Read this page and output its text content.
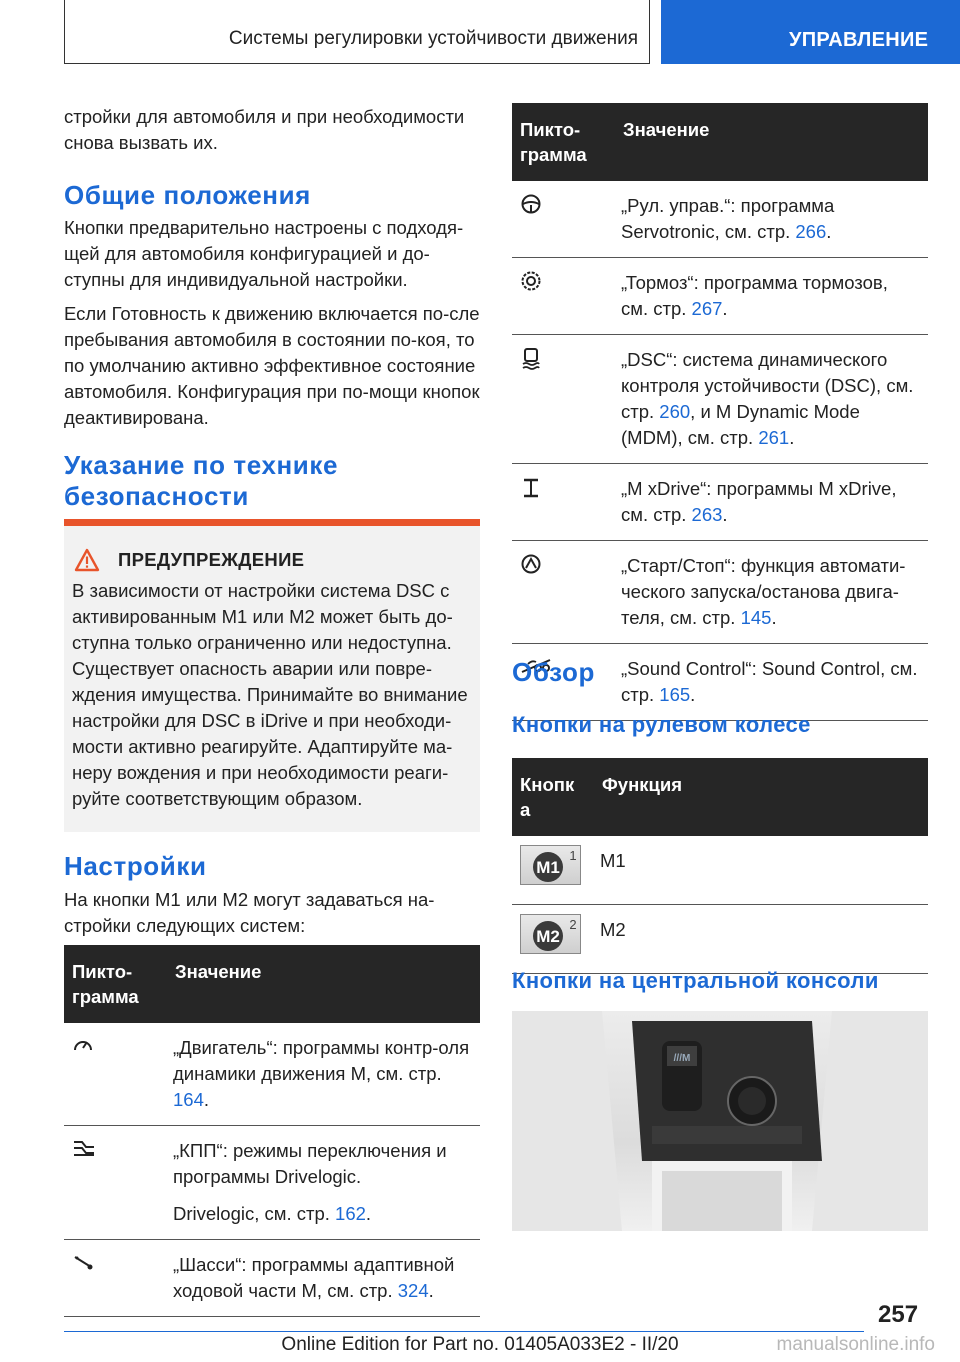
Системы регулировки устойчивости движения	УПРАВЛЕНИЕ
стройки для автомобиля и при необходимости снова вызвать их.
Общие положения
Кнопки предварительно настроены с подходя-щей для автомобиля конфигурацией и до-ступны для индивидуальной настройки.
Если Готовность к движению включается по-сле пребывания автомобиля в состоянии по-коя, то по умолчанию активно эффективное состояние автомобиля. Конфигурация при по-мощи кнопок деактивирована.
Указание по технике безопасности
ПРЕДУПРЕЖДЕНИЕ
В зависимости от настройки система DSC с активированным M1 или M2 может быть до-ступна только ограниченно или недоступна. Существует опасность аварии или повре-ждения имущества. Принимайте во внимание настройки для DSC в iDrive и при необходи-мости активно реагируйте. Адаптируйте ма-неру вождения и при необходимости реаги-руйте соответствующим образом.
Настройки
На кнопки M1 или M2 могут задаваться на-стройки следующих систем:
Пикто-грамма	Значение
	„Двигатель“: программы контр-оля динамики движения M, см. стр. 164.

„КПП“: режимы переключения и программы Drivelogic.
Drivelogic, см. стр. 162.

	„Шасси“: программы адаптивной ходовой части M, см. стр. 324.
Пикто-грамма	Значение
	„Рул. управ.“: программа Servotronic, см. стр. 266.
	„Тормоз“: программа тормозов, см. стр. 267.
	„DSC“: система динамического контроля устойчивости (DSC), см. стр. 260, и M Dynamic Mode (MDM), см. стр. 261.
	„M xDrive“: программы M xDrive, см. стр. 263.
	„Старт/Стоп“: функция автомати-ческого запуска/останова двига-теля, см. стр. 145.
	„Sound Control“: Sound Control, см. стр. 165.
Обзор
Кнопки на рулевом колесе
Кнопк а	Функция

M1
1	M1

M2
2	M2
Кнопки на центральной консоли
///M
257
Online Edition for Part no. 01405A033E2 - II/20	manualsonline.info
